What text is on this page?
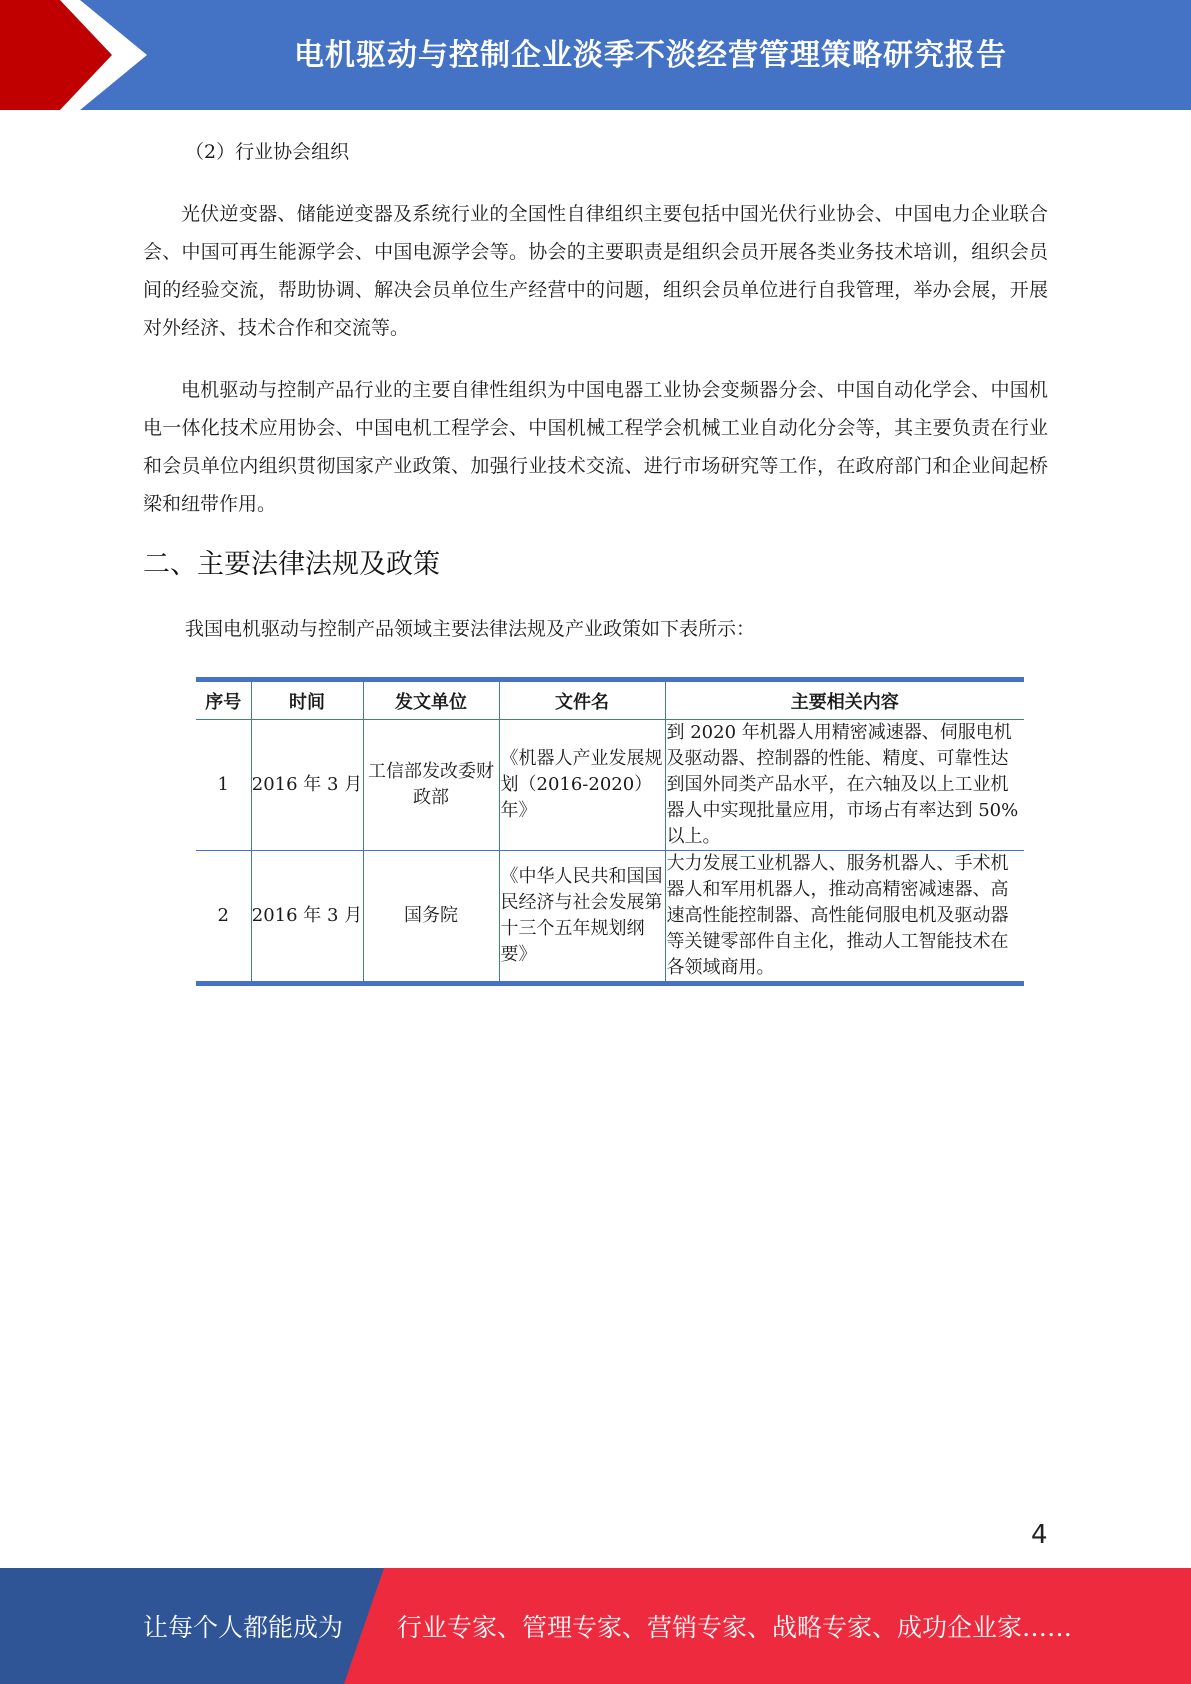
电机驱动与控制企业淡季不淡经营管理策略研究报告
（2）行业协会组织

光伏逆变器、储能逆变器及系统行业的全国性自律组织主要包括中国光伏行业协会、中国电力企业联合会、中国可再生能源学会、中国电源学会等。协会的主要职责是组织会员开展各类业务技术培训，组织会员间的经验交流，帮助协调、解决会员单位生产经营中的问题，组织会员单位进行自我管理，举办会展，开展对外经济、技术合作和交流等。

电机驱动与控制产品行业的主要自律性组织为中国电器工业协会变频器分会、中国自动化学会、中国机电一体化技术应用协会、中国电机工程学会、中国机械工程学会机械工业自动化分会等，其主要负责在行业和会员单位内组织贯彻国家产业政策、加强行业技术交流、进行市场研究等工作，在政府部门和企业间起桥梁和纽带作用。

二、主要法律法规及政策
我国电机驱动与控制产品领域主要法律法规及产业政策如下表所示：
序号	时间	发文单位	文件名	主要相关内容
1	2016 年 3 月	工信部发改委财政部	《机器人产业发展规划（2016-2020）年》	到 2020 年机器人用精密减速器、伺服电机及驱动器、控制器的性能、精度、可靠性达到国外同类产品水平，在六轴及以上工业机器人中实现批量应用，市场占有率达到 50%以上。
2	2016 年 3 月	国务院	《中华人民共和国国民经济与社会发展第十三个五年规划纲要》	大力发展工业机器人、服务机器人、手术机器人和军用机器人，推动高精密减速器、高速高性能控制器、高性能伺服电机及驱动器等关键零部件自主化，推动人工智能技术在各领域商用。
4
让每个人都能成为 行业专家、管理专家、营销专家、战略专家、成功企业家……
